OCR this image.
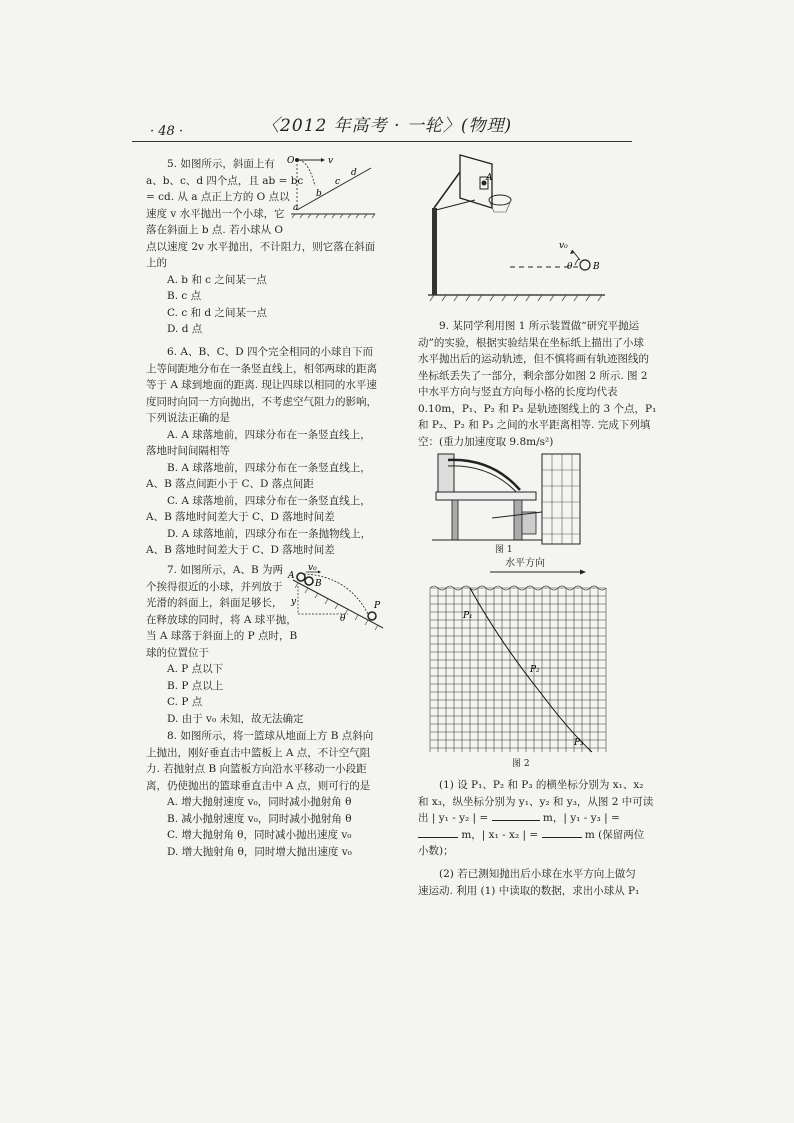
· 48 ·	〈2012 年高考 · 一轮〉(物理)
5. 如图所示，斜面上有
a、b、c、d 四个点，且 ab = bc
= cd. 从 a 点正上方的 O 点以
速度 v 水平抛出一个小球，它
落在斜面上 b 点. 若小球从 O
点以速度 2v 水平抛出，不计阻力，则它落在斜面
上的
A. b 和 c 之间某一点
B. c 点
C. c 和 d 之间某一点
D. d 点
O	v
a
b
c
d
6. A、B、C、D 四个完全相同的小球自下而
上等间距地分布在一条竖直线上，相邻两球的距离
等于 A 球到地面的距离. 现让四球以相同的水平速
度同时向同一方向抛出，不考虑空气阻力的影响，
下列说法正确的是
A. A 球落地前，四球分布在一条竖直线上，
落地时间间隔相等
B. A 球落地前，四球分布在一条竖直线上，
A、B 落点间距小于 C、D 落点间距
C. A 球落地前，四球分布在一条竖直线上，
A、B 落地时间差大于 C、D 落地时间差
D. A 球落地前，四球分布在一条抛物线上，
A、B 落地时间差大于 C、D 落地时间差
7. 如图所示，A、B 为两
个挨得很近的小球，并列放于
光滑的斜面上，斜面足够长，
在释放球的同时，将 A 球平抛，
当 A 球落于斜面上的 P 点时，B
球的位置位于
A. P 点以下
B. P 点以上
C. P 点
D. 由于 v₀ 未知，故无法确定
v₀
A
B
P
y
θ
8. 如图所示，将一篮球从地面上方 B 点斜向
上抛出，刚好垂直击中篮板上 A 点，不计空气阻
力. 若抛射点 B 向篮板方向沿水平移动一小段距
离，仍使抛出的篮球垂直击中 A 点，则可行的是
A. 增大抛射速度 v₀，同时减小抛射角 θ
B. 减小抛射速度 v₀，同时减小抛射角 θ
C. 增大抛射角 θ，同时减小抛出速度 v₀
D. 增大抛射角 θ，同时增大抛出速度 v₀
A
B
v₀
θ
9. 某同学利用图 1 所示装置做“研究平抛运
动”的实验，根据实验结果在坐标纸上描出了小球
水平抛出后的运动轨迹，但不慎将画有轨迹图线的
坐标纸丢失了一部分，剩余部分如图 2 所示. 图 2
中水平方向与竖直方向每小格的长度均代表
0.10m，P₁、P₂ 和 P₃ 是轨迹图线上的 3 个点，P₁
和 P₂、P₂ 和 P₃ 之间的水平距离相等. 完成下列填
空：(重力加速度取 9.8m/s²)
图 1
水平方向
P₁
P₂
P₃
图 2
(1) 设 P₁、P₂ 和 P₃ 的横坐标分别为 x₁、x₂
和 x₃，纵坐标分别为 y₁、y₂ 和 y₃，从图 2 中可读
出 | y₁ - y₂ | =	m，| y₁ - y₃ | =
m，| x₁ - x₂ | =	m (保留两位
小数)；
(2) 若已测知抛出后小球在水平方向上做匀
速运动. 利用 (1) 中读取的数据，求出小球从 P₁
